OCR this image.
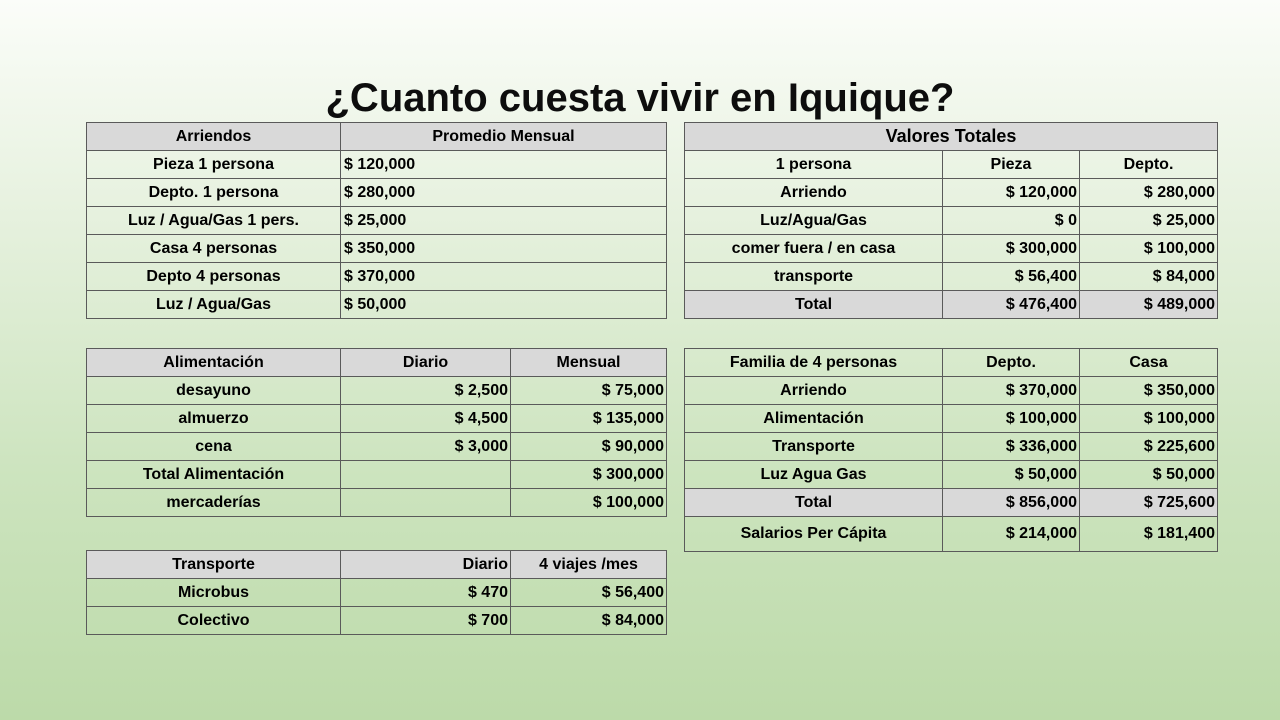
¿Cuanto cuesta vivir en Iquique?
Arriendos	Promedio Mensual
Pieza 1 persona	$ 120,000
Depto. 1 persona	$ 280,000
Luz / Agua/Gas 1 pers.	$ 25,000
Casa 4 personas	$ 350,000
Depto 4 personas	$ 370,000
Luz / Agua/Gas	$ 50,000
Alimentación	Diario	Mensual
desayuno	$ 2,500	$ 75,000
almuerzo	$ 4,500	$ 135,000
cena	$ 3,000	$ 90,000
Total Alimentación		$ 300,000
mercaderías		$ 100,000
Transporte	Diario	4 viajes /mes
Microbus	$ 470	$ 56,400
Colectivo	$ 700	$ 84,000
Valores Totales		
1 persona	Pieza	Depto.
Arriendo	$ 120,000	$ 280,000
Luz/Agua/Gas	$ 0	$ 25,000
comer fuera / en casa	$ 300,000	$ 100,000
transporte	$ 56,400	$ 84,000
Total	$ 476,400	$ 489,000
Familia de 4 personas	Depto.	Casa
Arriendo	$ 370,000	$ 350,000
Alimentación	$ 100,000	$ 100,000
Transporte	$ 336,000	$ 225,600
Luz Agua Gas	$ 50,000	$ 50,000
Total	$ 856,000	$ 725,600
Salarios Per Cápita	$ 214,000	$ 181,400
